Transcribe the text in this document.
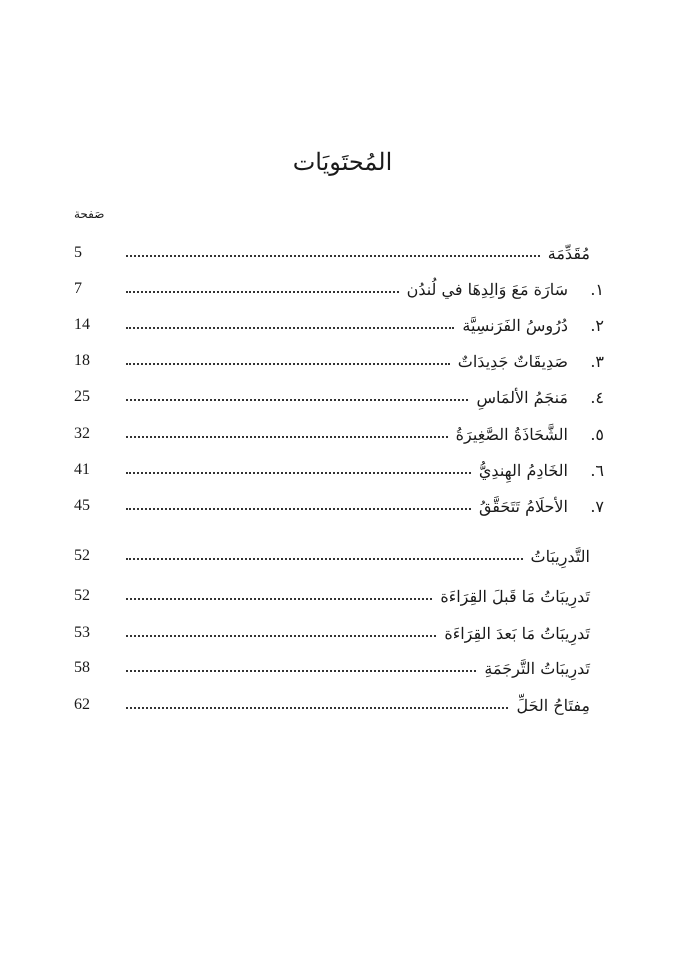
المُحتَويَات
صَفحة
مُقَدِّمَة
5
١.
سَارَة مَعَ وَالِدِهَا في لُندُن
7
٢.
دُرُوسُ الفَرَنسِيَّة
14
٣.
صَدِيقَاتٌ جَدِيدَاتٌ
18
٤.
مَنجَمُ الألمَاسِ
25
٥.
الشَّحَاذَةُ الصَّغِيرَةُ
32
٦.
الخَادِمُ الهِندِيُّ
41
٧.
الأحلَامُ تَتَحَقَّقُ
45
التَّدرِيبَاتُ
52
تَدرِيبَاتُ مَا قَبلَ القِرَاءَة
52
تَدرِيبَاتُ مَا بَعدَ القِرَاءَة
53
تَدرِيبَاتُ التَّرجَمَةِ
58
مِفتَاحُ الحَلِّ
62
